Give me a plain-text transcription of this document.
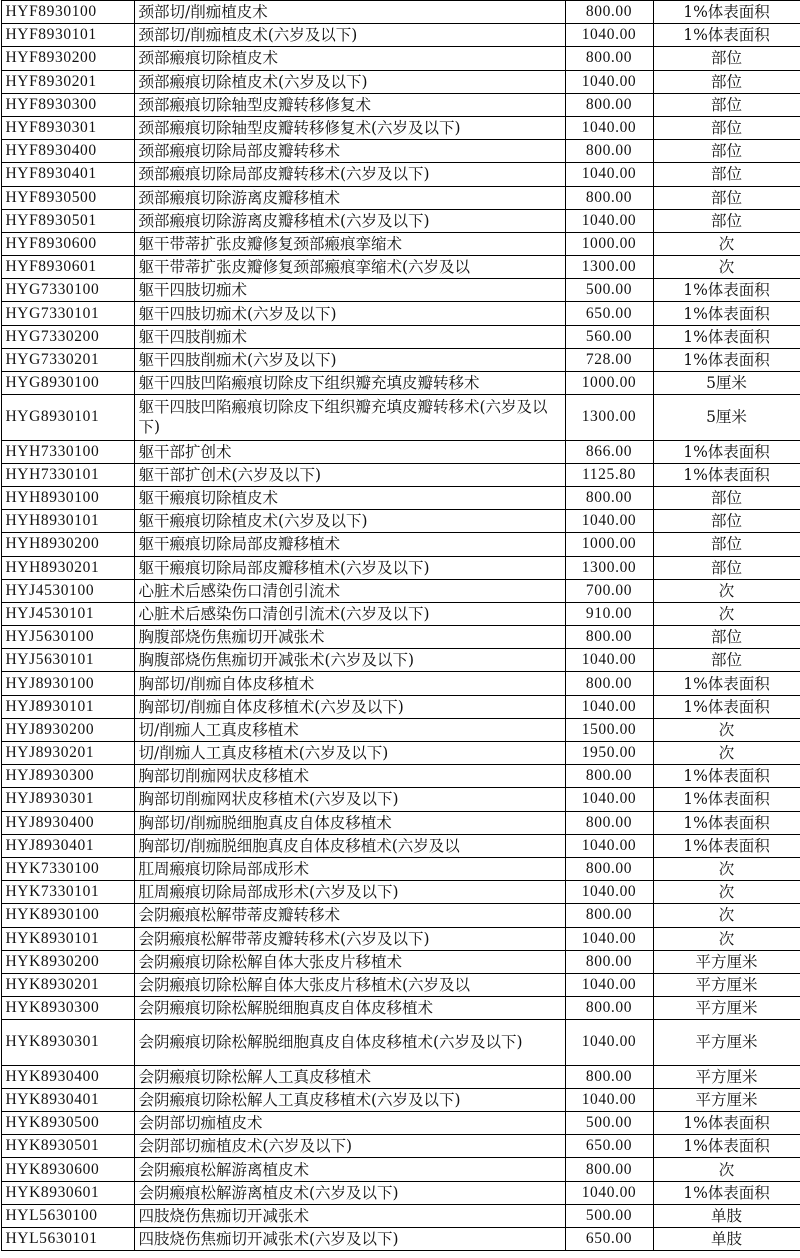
HYF8930100	颈部切/削痂植皮术	800.00	1%体表面积
HYF8930101	颈部切/削痂植皮术(六岁及以下)	1040.00	1%体表面积
HYF8930200	颈部瘢痕切除植皮术	800.00	部位
HYF8930201	颈部瘢痕切除植皮术(六岁及以下)	1040.00	部位
HYF8930300	颈部瘢痕切除轴型皮瓣转移修复术	800.00	部位
HYF8930301	颈部瘢痕切除轴型皮瓣转移修复术(六岁及以下)	1040.00	部位
HYF8930400	颈部瘢痕切除局部皮瓣转移术	800.00	部位
HYF8930401	颈部瘢痕切除局部皮瓣转移术(六岁及以下)	1040.00	部位
HYF8930500	颈部瘢痕切除游离皮瓣移植术	800.00	部位
HYF8930501	颈部瘢痕切除游离皮瓣移植术(六岁及以下)	1040.00	部位
HYF8930600	躯干带蒂扩张皮瓣修复颈部瘢痕挛缩术	1000.00	次
HYF8930601	躯干带蒂扩张皮瓣修复颈部瘢痕挛缩术(六岁及以	1300.00	次
HYG7330100	躯干四肢切痂术	500.00	1%体表面积
HYG7330101	躯干四肢切痂术(六岁及以下)	650.00	1%体表面积
HYG7330200	躯干四肢削痂术	560.00	1%体表面积
HYG7330201	躯干四肢削痂术(六岁及以下)	728.00	1%体表面积
HYG8930100	躯干四肢凹陷瘢痕切除皮下组织瓣充填皮瓣转移术	1000.00	5厘米
HYG8930101	躯干四肢凹陷瘢痕切除皮下组织瓣充填皮瓣转移术(六岁及以下)	1300.00	5厘米
HYH7330100	躯干部扩创术	866.00	1%体表面积
HYH7330101	躯干部扩创术(六岁及以下)	1125.80	1%体表面积
HYH8930100	躯干瘢痕切除植皮术	800.00	部位
HYH8930101	躯干瘢痕切除植皮术(六岁及以下)	1040.00	部位
HYH8930200	躯干瘢痕切除局部皮瓣移植术	1000.00	部位
HYH8930201	躯干瘢痕切除局部皮瓣移植术(六岁及以下)	1300.00	部位
HYJ4530100	心脏术后感染伤口清创引流术	700.00	次
HYJ4530101	心脏术后感染伤口清创引流术(六岁及以下)	910.00	次
HYJ5630100	胸腹部烧伤焦痂切开减张术	800.00	部位
HYJ5630101	胸腹部烧伤焦痂切开减张术(六岁及以下)	1040.00	部位
HYJ8930100	胸部切/削痂自体皮移植术	800.00	1%体表面积
HYJ8930101	胸部切/削痂自体皮移植术(六岁及以下)	1040.00	1%体表面积
HYJ8930200	切/削痂人工真皮移植术	1500.00	次
HYJ8930201	切/削痂人工真皮移植术(六岁及以下)	1950.00	次
HYJ8930300	胸部切削痂网状皮移植术	800.00	1%体表面积
HYJ8930301	胸部切削痂网状皮移植术(六岁及以下)	1040.00	1%体表面积
HYJ8930400	胸部切/削痂脱细胞真皮自体皮移植术	800.00	1%体表面积
HYJ8930401	胸部切/削痂脱细胞真皮自体皮移植术(六岁及以	1040.00	1%体表面积
HYK7330100	肛周瘢痕切除局部成形术	800.00	次
HYK7330101	肛周瘢痕切除局部成形术(六岁及以下)	1040.00	次
HYK8930100	会阴瘢痕松解带蒂皮瓣转移术	800.00	次
HYK8930101	会阴瘢痕松解带蒂皮瓣转移术(六岁及以下)	1040.00	次
HYK8930200	会阴瘢痕切除松解自体大张皮片移植术	800.00	平方厘米
HYK8930201	会阴瘢痕切除松解自体大张皮片移植术(六岁及以	1040.00	平方厘米
HYK8930300	会阴瘢痕切除松解脱细胞真皮自体皮移植术	800.00	平方厘米
HYK8930301	会阴瘢痕切除松解脱细胞真皮自体皮移植术(六岁及以下)	1040.00	平方厘米
HYK8930400	会阴瘢痕切除松解人工真皮移植术	800.00	平方厘米
HYK8930401	会阴瘢痕切除松解人工真皮移植术(六岁及以下)	1040.00	平方厘米
HYK8930500	会阴部切痂植皮术	500.00	1%体表面积
HYK8930501	会阴部切痂植皮术(六岁及以下)	650.00	1%体表面积
HYK8930600	会阴瘢痕松解游离植皮术	800.00	次
HYK8930601	会阴瘢痕松解游离植皮术(六岁及以下)	1040.00	1%体表面积
HYL5630100	四肢烧伤焦痂切开减张术	500.00	单肢
HYL5630101	四肢烧伤焦痂切开减张术(六岁及以下)	650.00	单肢
